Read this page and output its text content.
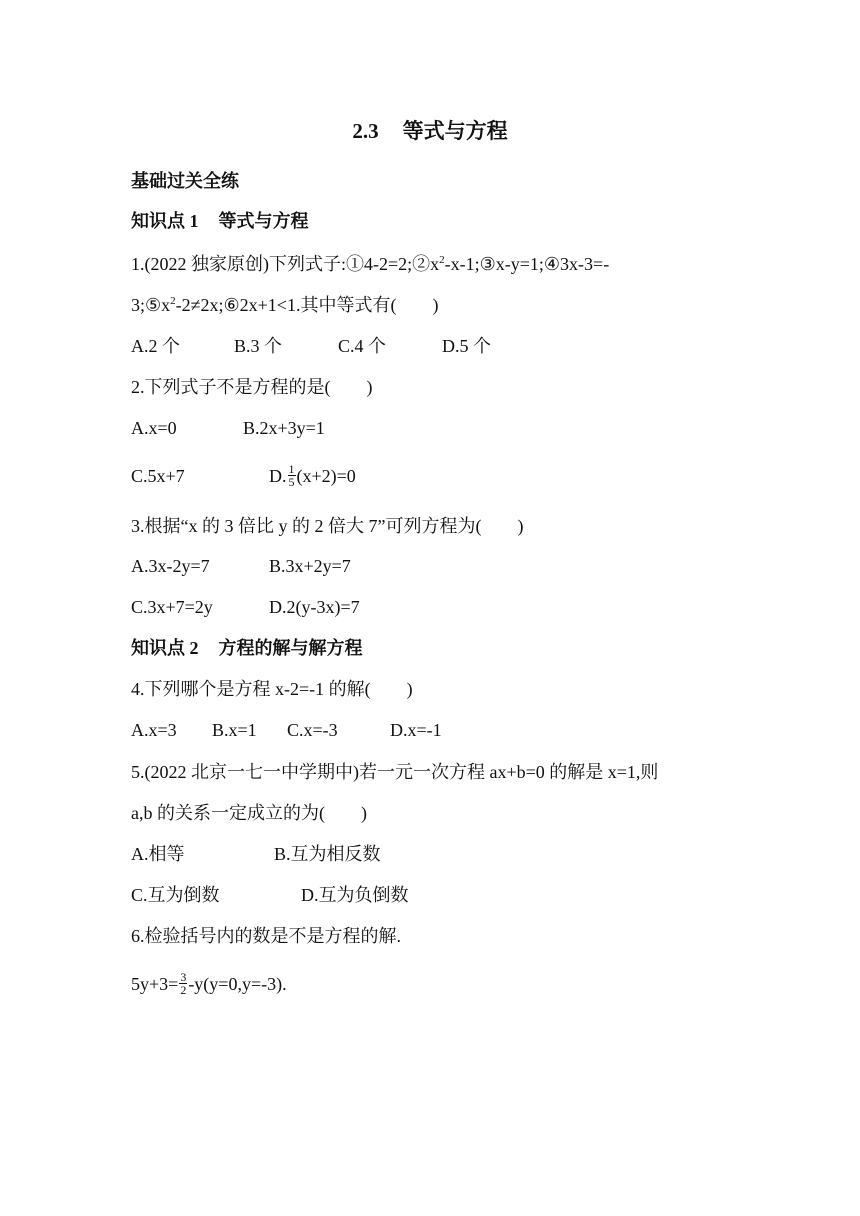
2.3 等式与方程
基础过关全练
知识点 1 等式与方程
1.(2022 独家原创)下列式子$:①4-2=2;②x^2-x-1;③x-y=1;④3x-3=-$
$3;⑤x^2-2\ne 2x;⑥2x+1<1$.其中等式有(　　)
A.2 个	B.3 个	C.4 个	D.5 个
2.下列式子不是方程的是(　　)
A.x=0	B.2x+3y=1
C.5x+7	D. $\frac{1}{5} (x+2)=0$
3.根据“x 的 3 倍比 y 的 2 倍大 7”可列方程为(　　)
A.3x-2y=7	B.3x+2y=7
C.3x+7=2y	D.2(y-3x)=7
知识点 2 方程的解与解方程
4.下列哪个是方程 x-2=-1 的解(　　)
A.x=3 B.x=1 C.x=-3	D.x=-1
5.(2022 北京一七一中学期中)若一元一次方程 ax+b=0 的解是 x=1,则
a,b 的关系一定成立的为(　　)
A.相等	B.互为相反数
C.互为倒数	D.互为负倒数
6.检验括号内的数是不是方程的解.
$5y+3= \frac{3}{2} -y(y=0,y=-3)$.
